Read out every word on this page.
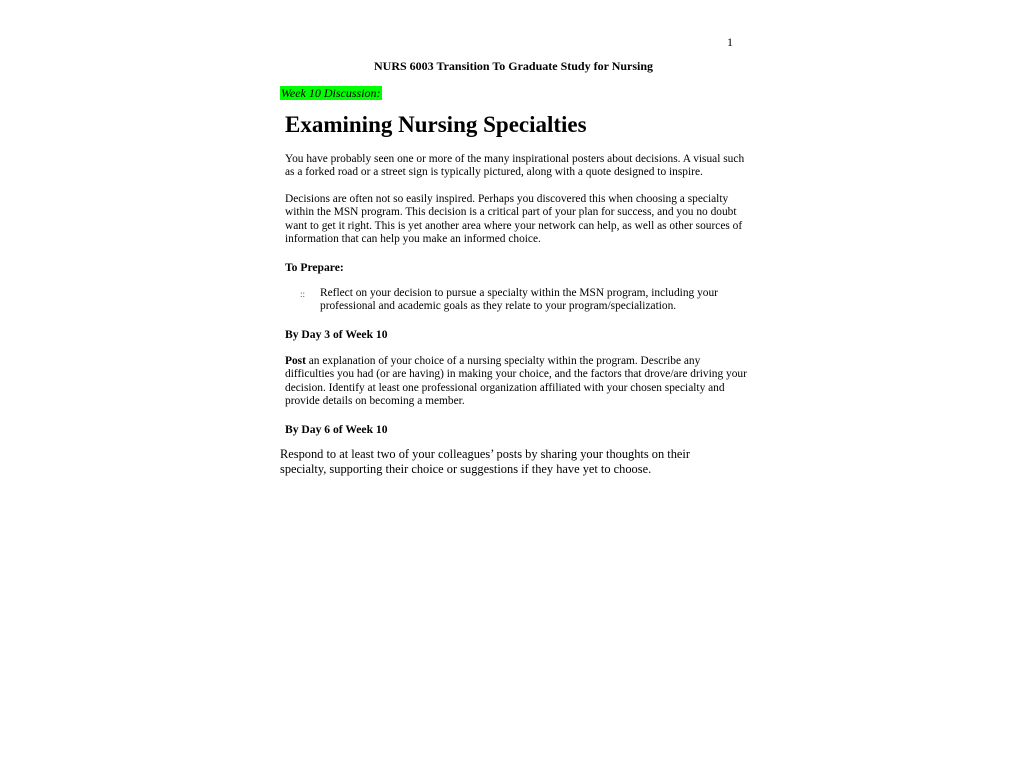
1
NURS 6003 Transition To Graduate Study for Nursing
Week 10 Discussion:
Examining Nursing Specialties

You have probably seen one or more of the many inspirational posters about decisions. A visual such as a forked road or a street sign is typically pictured, along with a quote designed to inspire.

Decisions are often not so easily inspired. Perhaps you discovered this when choosing a specialty within the MSN program. This decision is a critical part of your plan for success, and you no doubt want to get it right. This is yet another area where your network can help, as well as other sources of information that can help you make an informed choice.

To Prepare:
:: Reflect on your decision to pursue a specialty within the MSN program, including your professional and academic goals as they relate to your program/specialization.

By Day 3 of Week 10

Post an explanation of your choice of a nursing specialty within the program. Describe any difficulties you had (or are having) in making your choice, and the factors that drove/are driving your decision. Identify at least one professional organization affiliated with your chosen specialty and provide details on becoming a member.

By Day 6 of Week 10

Respond to at least two of your colleagues’ posts by sharing your thoughts on their specialty, supporting their choice or suggestions if they have yet to choose.
